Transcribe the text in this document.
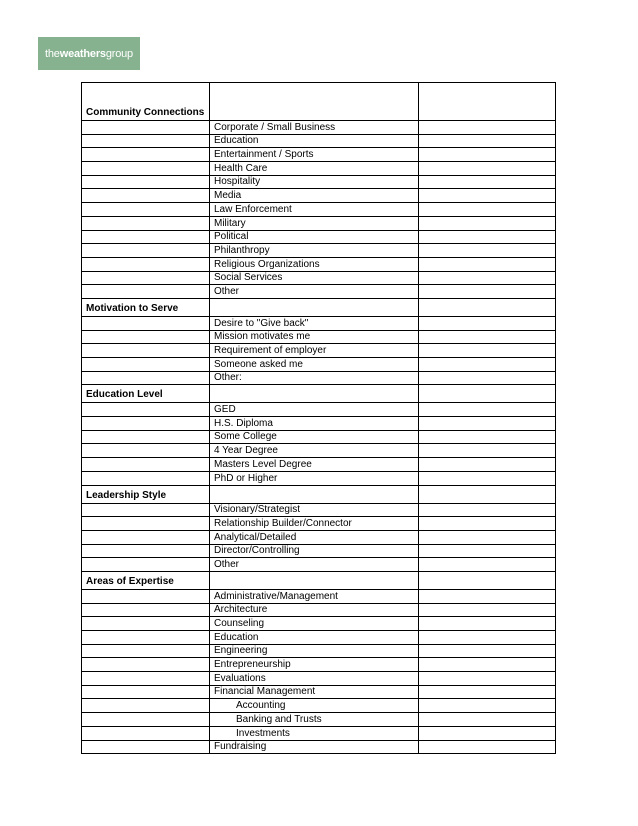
theweathersgroup
Community Connections		
	Corporate / Small Business	
	Education	
	Entertainment / Sports	
	Health Care	
	Hospitality	
	Media	
	Law Enforcement	
	Military	
	Political	
	Philanthropy	
	Religious Organizations	
	Social Services	
	Other	
Motivation to Serve		
	Desire to "Give back"	
	Mission motivates me	
	Requirement of employer	
	Someone asked me	
	Other:	
Education Level		
	GED	
	H.S. Diploma	
	Some College	
	4 Year Degree	
	Masters Level Degree	
	PhD or Higher	
Leadership Style		
	Visionary/Strategist	
	Relationship Builder/Connector	
	Analytical/Detailed	
	Director/Controlling	
	Other	
Areas of Expertise		
	Administrative/Management	
	Architecture	
	Counseling	
	Education	
	Engineering	
	Entrepreneurship	
	Evaluations	
	Financial Management	
	Accounting	
	Banking and Trusts	
	Investments	
	Fundraising	
